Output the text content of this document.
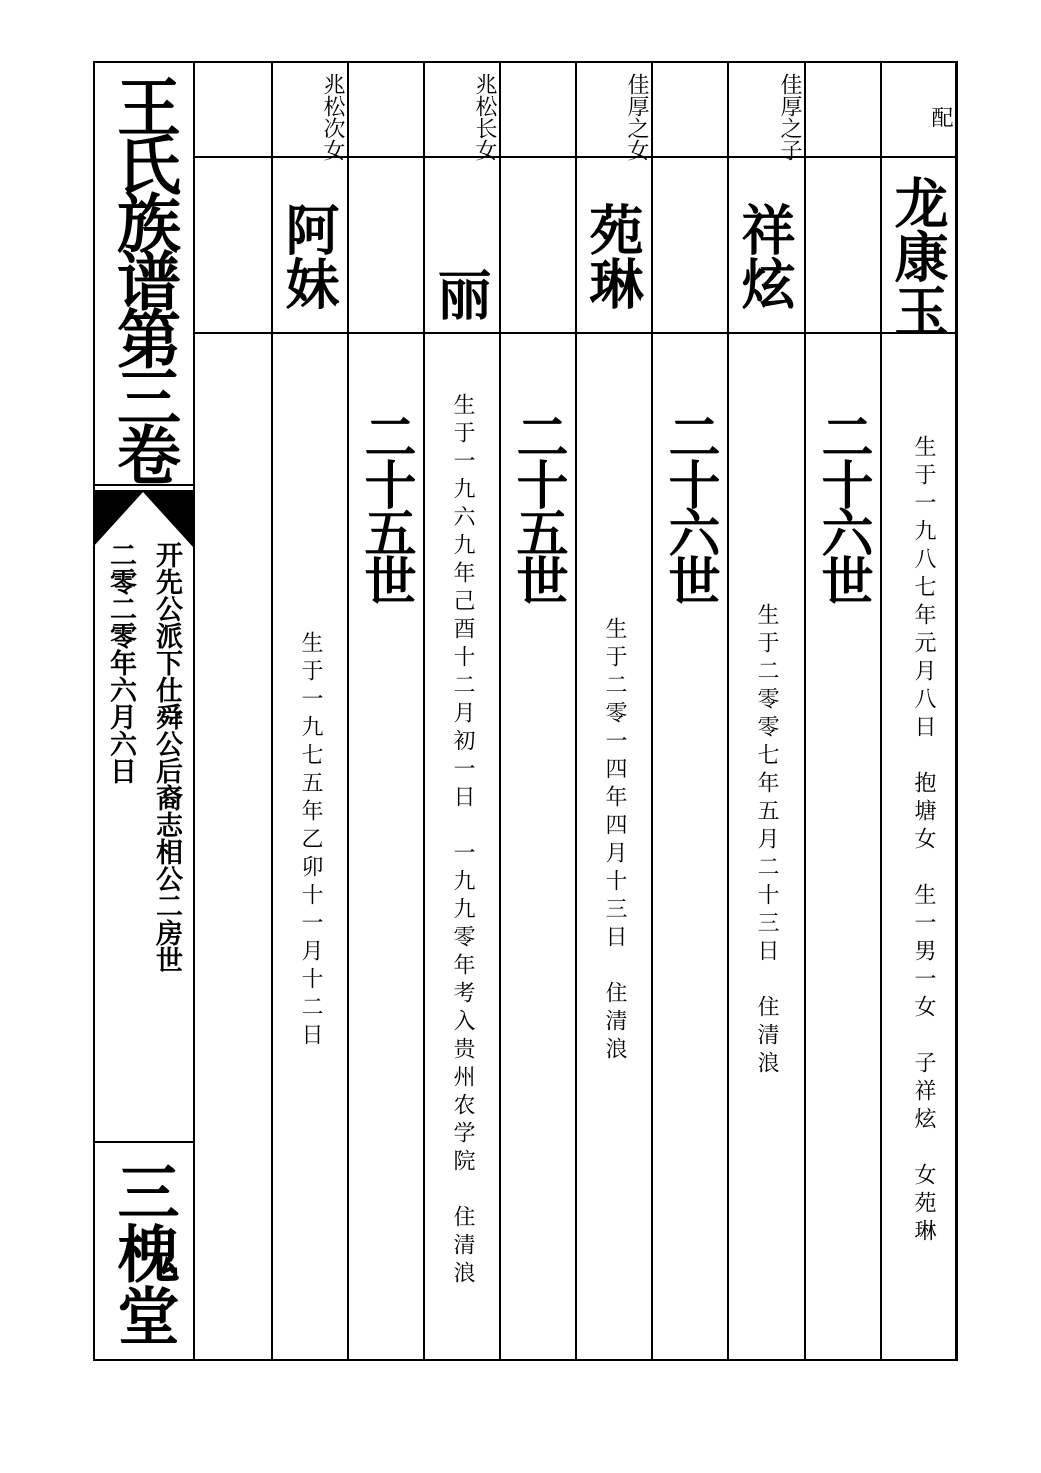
王氏族谱第三卷
开先公派下仕舜公后裔志相公二房世
二零二零年六月六日
三槐堂
配
龙康玉
生于一九八七年元月八日　抱塘女　生一男一女　子祥炫　女苑琳
二十六世
佳厚之子
祥炫
生于二零零七年五月二十三日　住清浪
二十六世
佳厚之女
苑琳
生于二零一四年四月十三日　住清浪
二十五世
兆松长女
丽
生于一九六九年己酉十二月初一日　一九九零年考入贵州农学院　住清浪
二十五世
兆松次女
阿妹
生于一九七五年乙卯十一月十二日
